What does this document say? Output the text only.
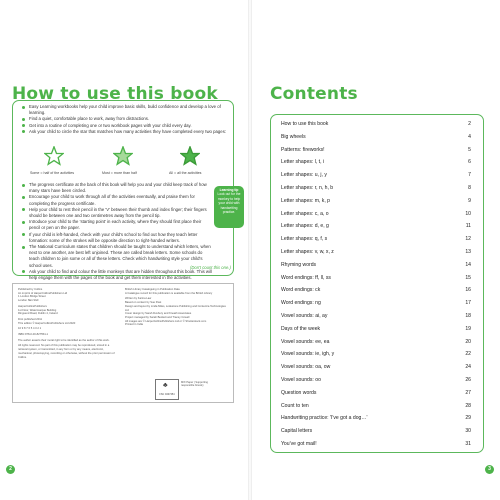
How to use this book
Easy Learning workbooks help your child improve basic skills, build confidence and develop a love of learning.
Find a quiet, comfortable place to work, away from distractions.
Get into a routine of completing one or two workbook pages with your child every day.
Ask your child to circle the star that matches how many activities they have completed every two pages:
Some = half of the activities	Most = more than half	All = all the activities
The progress certificate at the back of this book will help you and your child keep track of how many stars have been circled.
Encourage your child to work through all of the activities eventually, and praise them for completing the progress certificate.
Help your child to rest their pencil in the 'V' between their thumb and index finger; their fingers should be between one and two centimetres away from the pencil tip.
Introduce your child to the 'starting point' in each activity, where they should first place their pencil or pen on the paper.
If your child is left-handed, check with your child's school to find out how they teach letter formation: some of the strokes will be opposite direction to right-handed writers.
The National Curriculum states that children should be taught to understand which letters, when next to one another, are best left unjoined. These are called break letters. Some schools do teach children to join some or all of these letters. Check which handwriting style your child's school uses.
Ask your child to find and colour the little monkeys that are hidden throughout this book. This will help engage them with the pages of the book and get them interested in the activities.
Learning tip
Look out for the monkey to help your child with handwriting practice.
(Don't count this one.)
Published by Collins
An imprint of HarperCollinsPublishers Ltd
1 London Bridge Street
London SE1 9GF
HarperCollinsPublishers
1st Floor, Watermarque Building
Ringsend Road, Dublin 4, Ireland
First published 2011
This edition © HarperCollinsPublishers Ltd 2020
10 9 8 7 6 5 4 3 2 1
ISBN 978-0-00-827554-1
The author asserts their moral right to be identified as the author of this work.
All rights reserved. No part of this publication may be reproduced, stored in a retrieval system, or transmitted, in any form or by any means, electronic, mechanical, photocopying, recording or otherwise, without the prior permission of Collins.
British Library Cataloguing in Publication Data
A Catalogue record for this publication is available from the British Library
Written by Karina Law
Based on content by Sue Peet
Design and layout by Linda Miles, Lodestone Publishing and Contentra Technologies Ltd
Cover design by Sarah Duxbury and Kneath Associates
Project managed by Sarah Beckett and Tracey Cowell
All images are © HarperCollinsPublishers Ltd or © Shutterstock.com
Printed in India
♣
FSC C007454
MIX Paper | Supporting responsible forestry
2
Contents
How to use this book	2
Big wheels	4
Patterns: fireworks!	5
Letter shapes: l, t, i	6
Letter shapes: u, j, y	7
Letter shapes: r, n, h, b	8
Letter shapes: m, k, p	9
Letter shapes: c, a, o	10
Letter shapes: d, e, g	11
Letter shapes: q, f, s	12
Letter shapes: v, w, x, z	13
Rhyming words	14
Word endings: ff, ll, ss	15
Word endings: ck	16
Word endings: ng	17
Vowel sounds: ai, ay	18
Days of the week	19
Vowel sounds: ee, ea	20
Vowel sounds: ie, igh, y	22
Vowel sounds: oa, ow	24
Vowel sounds: oo	26
Question words	27
Count to ten	28
Handwriting practice: 'I've got a dog…'	29
Capital letters	30
You've got mail!	31
3
